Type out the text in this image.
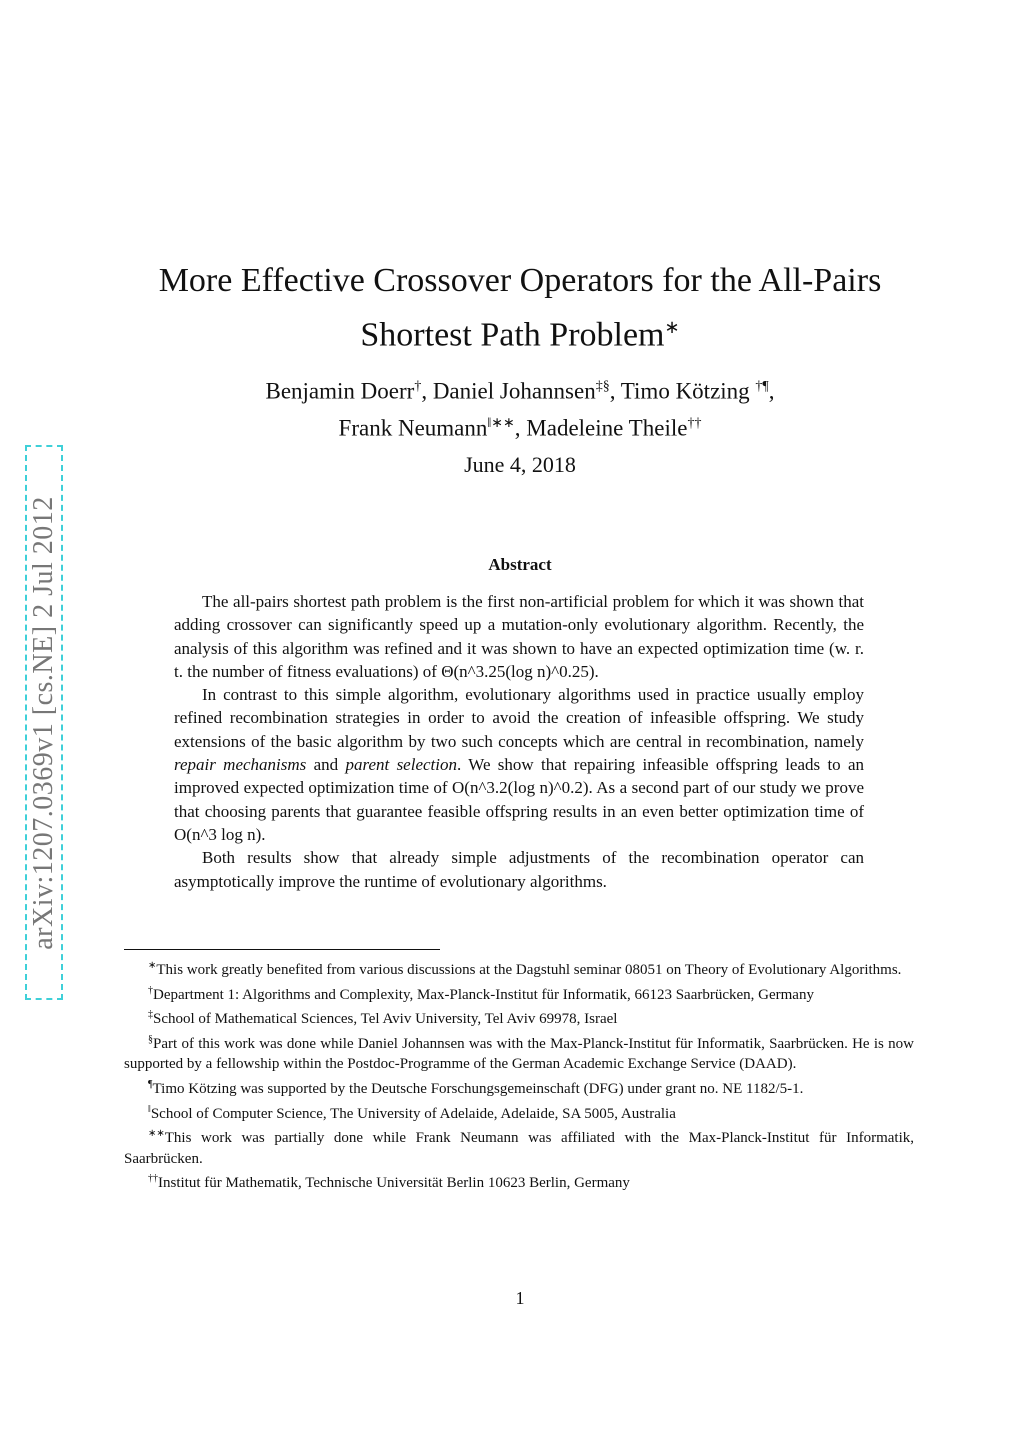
arXiv:1207.0369v1 [cs.NE] 2 Jul 2012
More Effective Crossover Operators for the All-Pairs
Shortest Path Problem∗
Benjamin Doerr†, Daniel Johannsen‡§, Timo Kötzing †¶,
Frank Neumann‖∗∗, Madeleine Theile††
June 4, 2018
Abstract

The all-pairs shortest path problem is the first non-artificial problem for which it was shown that adding crossover can significantly speed up a mutation-only evolutionary algorithm. Recently, the analysis of this algorithm was refined and it was shown to have an expected optimization time (w. r. t. the number of fitness evaluations) of Θ(n^3.25(log n)^0.25).

In contrast to this simple algorithm, evolutionary algorithms used in practice usually employ refined recombination strategies in order to avoid the creation of infeasible offspring. We study extensions of the basic algorithm by two such concepts which are central in recombination, namely repair mechanisms and parent selection. We show that repairing infeasible offspring leads to an improved expected optimization time of O(n^3.2(log n)^0.2). As a second part of our study we prove that choosing parents that guarantee feasible offspring results in an even better optimization time of O(n^3 log n).

Both results show that already simple adjustments of the recombination operator can asymptotically improve the runtime of evolutionary algorithms.

∗This work greatly benefited from various discussions at the Dagstuhl seminar 08051 on Theory of Evolutionary Algorithms.

†Department 1: Algorithms and Complexity, Max-Planck-Institut für Informatik, 66123 Saarbrücken, Germany

‡School of Mathematical Sciences, Tel Aviv University, Tel Aviv 69978, Israel

§Part of this work was done while Daniel Johannsen was with the Max-Planck-Institut für Informatik, Saarbrücken. He is now supported by a fellowship within the Postdoc-Programme of the German Academic Exchange Service (DAAD).

¶Timo Kötzing was supported by the Deutsche Forschungsgemeinschaft (DFG) under grant no. NE 1182/5-1.

‖School of Computer Science, The University of Adelaide, Adelaide, SA 5005, Australia

∗∗This work was partially done while Frank Neumann was affiliated with the Max-Planck-Institut für Informatik, Saarbrücken.

††Institut für Mathematik, Technische Universität Berlin 10623 Berlin, Germany

1
